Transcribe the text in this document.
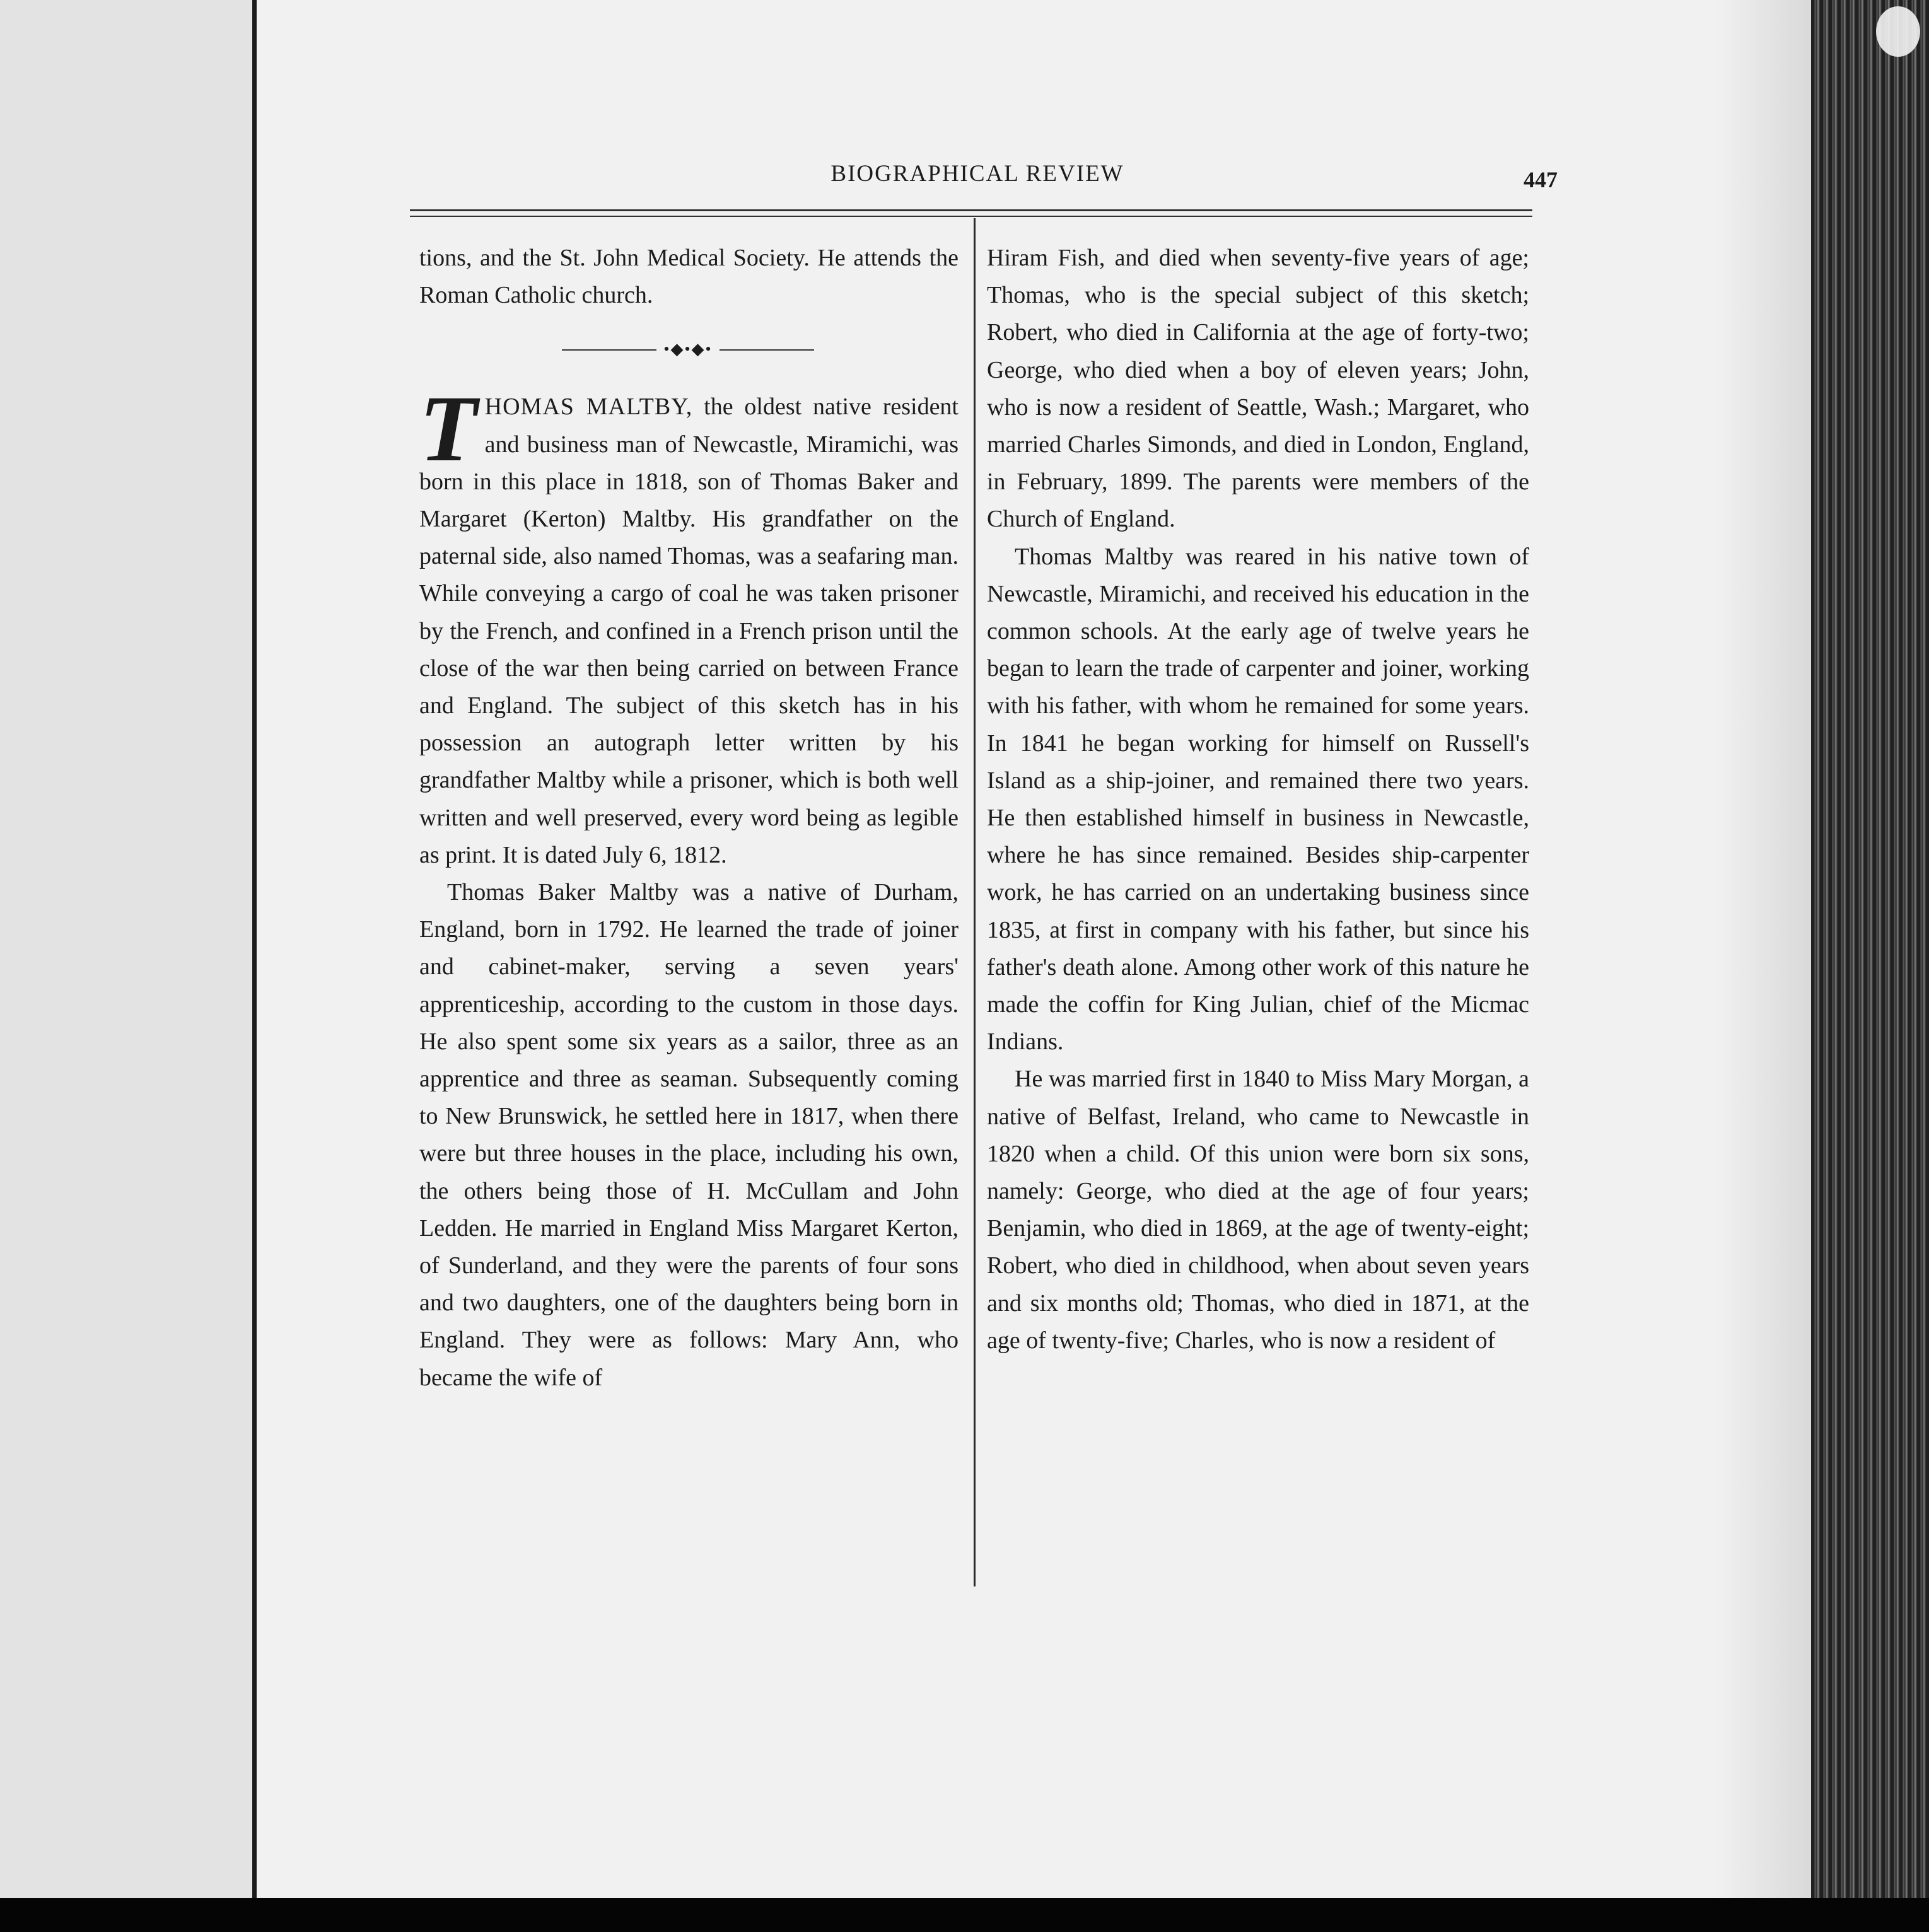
BIOGRAPHICAL REVIEW	447

tions, and the St. John Medical Society. He attends the Roman Catholic church.

•◆•◆•

THOMAS MALTBY, the oldest native resident and business man of Newcastle, Miramichi, was born in this place in 1818, son of Thomas Baker and Margaret (Kerton) Maltby. His grandfather on the paternal side, also named Thomas, was a seafaring man. While conveying a cargo of coal he was taken prisoner by the French, and confined in a French prison until the close of the war then being carried on between France and England. The subject of this sketch has in his possession an autograph letter written by his grandfather Maltby while a prisoner, which is both well written and well preserved, every word being as legible as print. It is dated July 6, 1812.

Thomas Baker Maltby was a native of Durham, England, born in 1792. He learned the trade of joiner and cabinet-maker, serving a seven years' apprenticeship, according to the custom in those days. He also spent some six years as a sailor, three as an apprentice and three as seaman. Subsequently coming to New Brunswick, he settled here in 1817, when there were but three houses in the place, including his own, the others being those of H. McCullam and John Ledden. He married in England Miss Margaret Kerton, of Sunderland, and they were the parents of four sons and two daughters, one of the daughters being born in England. They were as follows: Mary Ann, who became the wife of

Hiram Fish, and died when seventy-five years of age; Thomas, who is the special subject of this sketch; Robert, who died in California at the age of forty-two; George, who died when a boy of eleven years; John, who is now a resident of Seattle, Wash.; Margaret, who married Charles Simonds, and died in London, England, in February, 1899. The parents were members of the Church of England.

Thomas Maltby was reared in his native town of Newcastle, Miramichi, and received his education in the common schools. At the early age of twelve years he began to learn the trade of carpenter and joiner, working with his father, with whom he remained for some years. In 1841 he began working for himself on Russell's Island as a ship-joiner, and remained there two years. He then established himself in business in Newcastle, where he has since remained. Besides ship-carpenter work, he has carried on an undertaking business since 1835, at first in company with his father, but since his father's death alone. Among other work of this nature he made the coffin for King Julian, chief of the Micmac Indians.

He was married first in 1840 to Miss Mary Morgan, a native of Belfast, Ireland, who came to Newcastle in 1820 when a child. Of this union were born six sons, namely: George, who died at the age of four years; Benjamin, who died in 1869, at the age of twenty-eight; Robert, who died in childhood, when about seven years and six months old; Thomas, who died in 1871, at the age of twenty-five; Charles, who is now a resident of
